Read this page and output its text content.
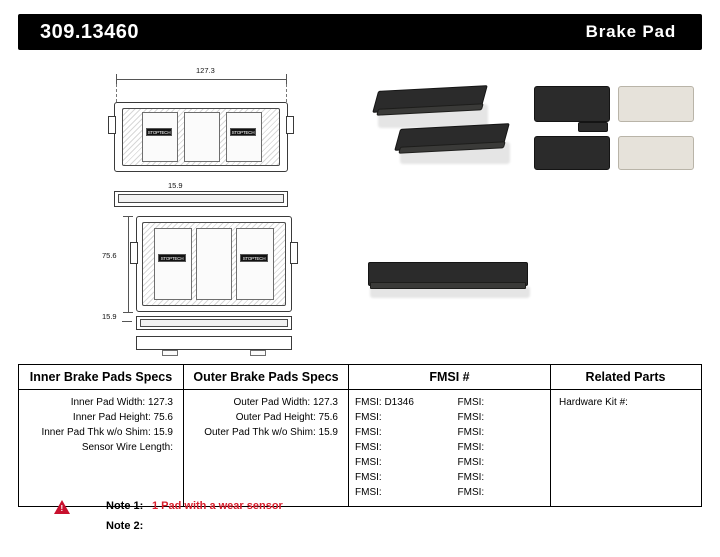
309.13460	Brake Pad
127.3
STOPTECH	STOPTECH
15.9
75.6	STOPTECH	STOPTECH
15.9
Inner Brake Pads Specs	Outer Brake Pads Specs	FMSI #	Related Parts
Inner Pad Width: 127.3
Inner Pad Height: 75.6
Inner Pad Thk w/o Shim: 15.9
Sensor Wire Length:
Outer Pad Width: 127.3
Outer Pad Height: 75.6
Outer Pad Thk w/o Shim: 15.9
FMSI: D1346	FMSI:
FMSI:	FMSI:
FMSI:	FMSI:
FMSI:	FMSI:
FMSI:	FMSI:
FMSI:	FMSI:
FMSI:	FMSI:
Hardware Kit #:
!	Note 1: 1 Pad with a wear sensor
Note 2:
